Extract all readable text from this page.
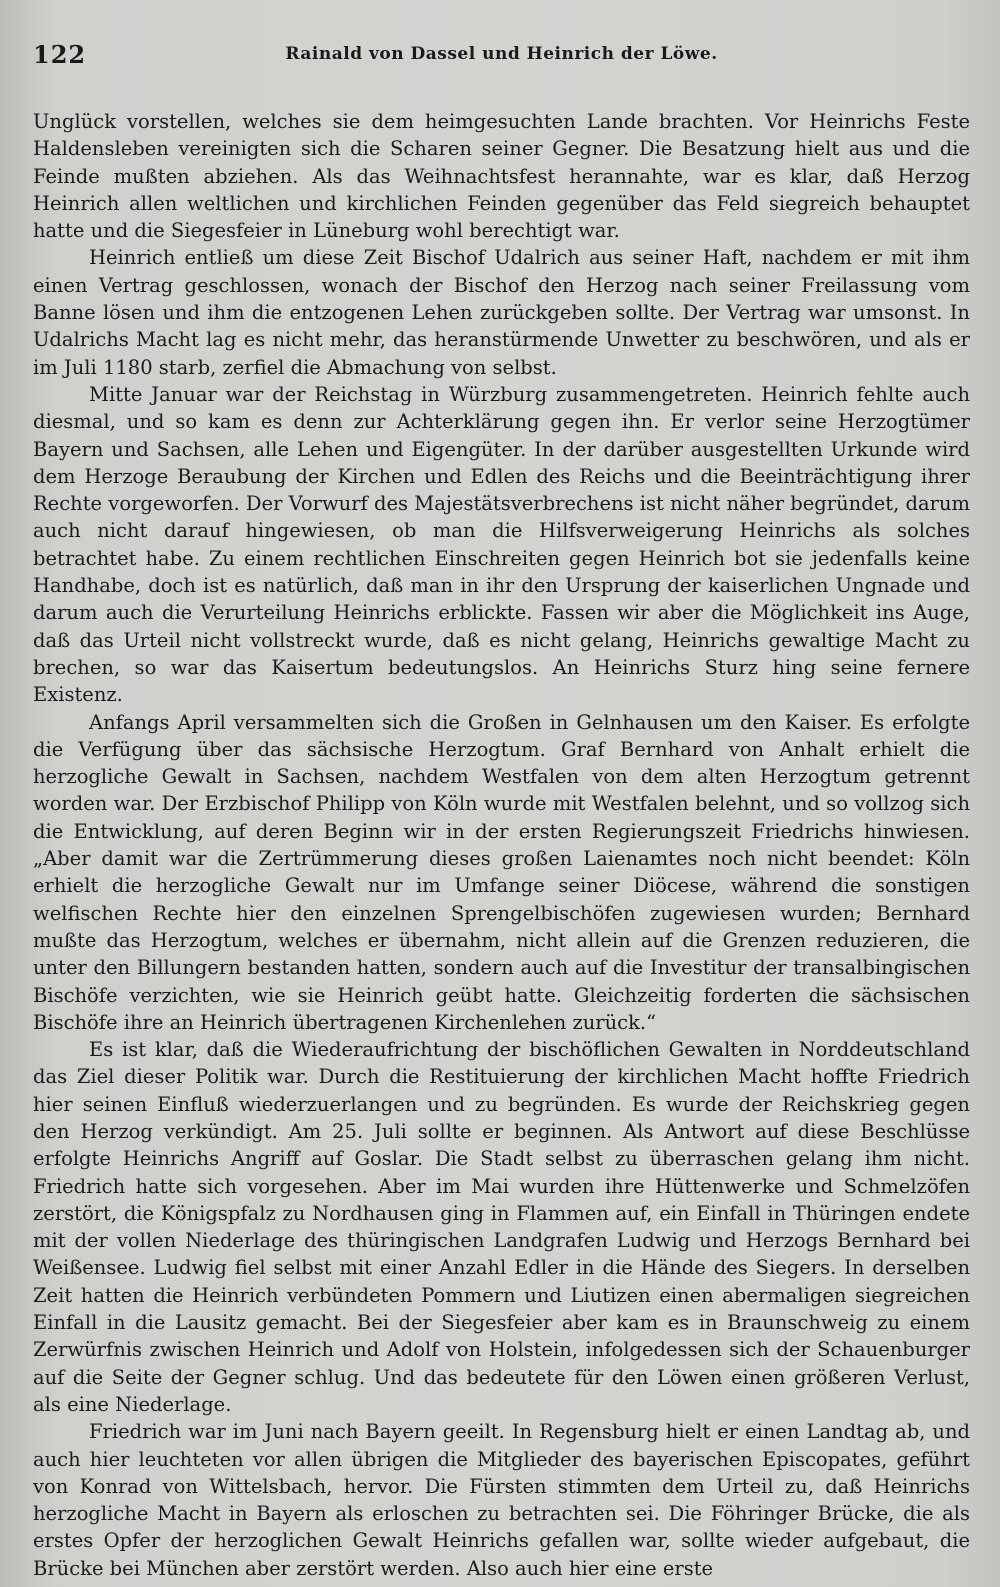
122	Rainald von Dassel und Heinrich der Löwe.

Unglück vorstellen, welches sie dem heimgesuchten Lande brachten. Vor Heinrichs Feste Haldensleben vereinigten sich die Scharen seiner Gegner. Die Besatzung hielt aus und die Feinde mußten abziehen. Als das Weihnachtsfest herannahte, war es klar, daß Herzog Heinrich allen weltlichen und kirchlichen Feinden gegenüber das Feld siegreich behauptet hatte und die Siegesfeier in Lüneburg wohl berechtigt war.

Heinrich entließ um diese Zeit Bischof Udalrich aus seiner Haft, nachdem er mit ihm einen Vertrag geschlossen, wonach der Bischof den Herzog nach seiner Freilassung vom Banne lösen und ihm die entzogenen Lehen zurückgeben sollte. Der Vertrag war umsonst. In Udalrichs Macht lag es nicht mehr, das heranstürmende Unwetter zu beschwören, und als er im Juli 1180 starb, zerfiel die Abmachung von selbst.

Mitte Januar war der Reichstag in Würzburg zusammengetreten. Heinrich fehlte auch diesmal, und so kam es denn zur Achterklärung gegen ihn. Er verlor seine Herzogtümer Bayern und Sachsen, alle Lehen und Eigengüter. In der darüber ausgestellten Urkunde wird dem Herzoge Beraubung der Kirchen und Edlen des Reichs und die Beeinträchtigung ihrer Rechte vorgeworfen. Der Vorwurf des Majestätsverbrechens ist nicht näher begründet, darum auch nicht darauf hingewiesen, ob man die Hilfsverweigerung Heinrichs als solches betrachtet habe. Zu einem rechtlichen Einschreiten gegen Heinrich bot sie jedenfalls keine Handhabe, doch ist es natürlich, daß man in ihr den Ursprung der kaiserlichen Ungnade und darum auch die Verurteilung Heinrichs erblickte. Fassen wir aber die Möglichkeit ins Auge, daß das Urteil nicht vollstreckt wurde, daß es nicht gelang, Heinrichs gewaltige Macht zu brechen, so war das Kaisertum bedeutungslos. An Heinrichs Sturz hing seine fernere Existenz.

Anfangs April versammelten sich die Großen in Gelnhausen um den Kaiser. Es erfolgte die Verfügung über das sächsische Herzogtum. Graf Bernhard von Anhalt erhielt die herzogliche Gewalt in Sachsen, nachdem Westfalen von dem alten Herzogtum getrennt worden war. Der Erzbischof Philipp von Köln wurde mit Westfalen belehnt, und so vollzog sich die Entwicklung, auf deren Beginn wir in der ersten Regierungszeit Friedrichs hinwiesen. „Aber damit war die Zertrümmerung dieses großen Laienamtes noch nicht beendet: Köln erhielt die herzogliche Gewalt nur im Umfange seiner Diöcese, während die sonstigen welfischen Rechte hier den einzelnen Sprengelbischöfen zugewiesen wurden; Bernhard mußte das Herzogtum, welches er übernahm, nicht allein auf die Grenzen reduzieren, die unter den Billungern bestanden hatten, sondern auch auf die Investitur der transalbingischen Bischöfe verzichten, wie sie Heinrich geübt hatte. Gleichzeitig forderten die sächsischen Bischöfe ihre an Heinrich übertragenen Kirchenlehen zurück.“

Es ist klar, daß die Wiederaufrichtung der bischöflichen Gewalten in Norddeutschland das Ziel dieser Politik war. Durch die Restituierung der kirchlichen Macht hoffte Friedrich hier seinen Einfluß wiederzuerlangen und zu begründen. Es wurde der Reichskrieg gegen den Herzog verkündigt. Am 25. Juli sollte er beginnen. Als Antwort auf diese Beschlüsse erfolgte Heinrichs Angriff auf Goslar. Die Stadt selbst zu überraschen gelang ihm nicht. Friedrich hatte sich vorgesehen. Aber im Mai wurden ihre Hüttenwerke und Schmelzöfen zerstört, die Königspfalz zu Nordhausen ging in Flammen auf, ein Einfall in Thüringen endete mit der vollen Niederlage des thüringischen Landgrafen Ludwig und Herzogs Bernhard bei Weißensee. Ludwig fiel selbst mit einer Anzahl Edler in die Hände des Siegers. In derselben Zeit hatten die Heinrich verbündeten Pommern und Liutizen einen abermaligen siegreichen Einfall in die Lausitz gemacht. Bei der Siegesfeier aber kam es in Braunschweig zu einem Zerwürfnis zwischen Heinrich und Adolf von Holstein, infolgedessen sich der Schauenburger auf die Seite der Gegner schlug. Und das bedeutete für den Löwen einen größeren Verlust, als eine Niederlage.

Friedrich war im Juni nach Bayern geeilt. In Regensburg hielt er einen Landtag ab, und auch hier leuchteten vor allen übrigen die Mitglieder des bayerischen Episcopates, geführt von Konrad von Wittelsbach, hervor. Die Fürsten stimmten dem Urteil zu, daß Heinrichs herzogliche Macht in Bayern als erloschen zu betrachten sei. Die Föhringer Brücke, die als erstes Opfer der herzoglichen Gewalt Heinrichs gefallen war, sollte wieder aufgebaut, die Brücke bei München aber zerstört werden. Also auch hier eine erste
